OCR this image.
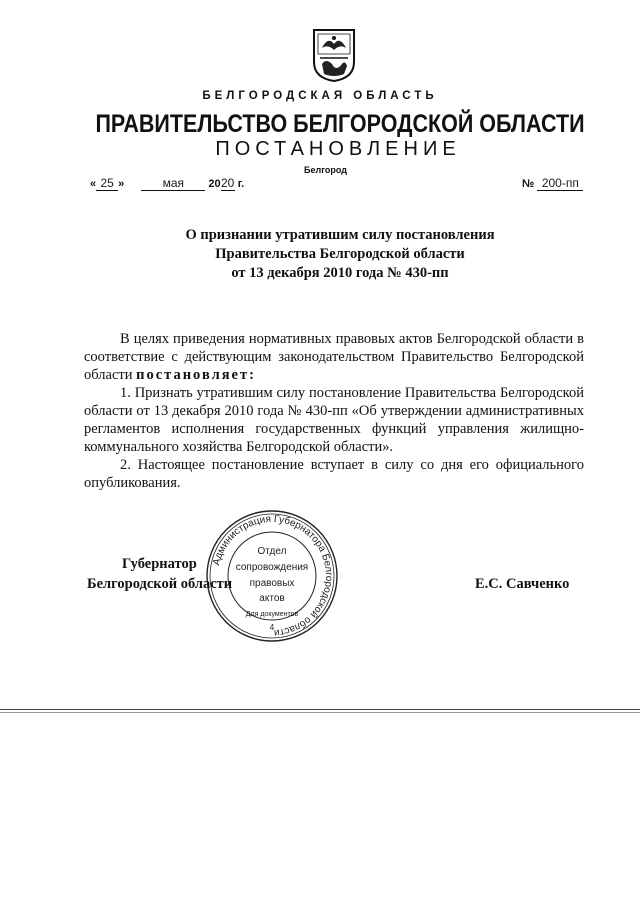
БЕЛГОРОДСКАЯ ОБЛАСТЬ
ПРАВИТЕЛЬСТВО БЕЛГОРОДСКОЙ ОБЛАСТИ
ПОСТАНОВЛЕНИЕ
Белгород
« 25 »	мая 2020 г.	№ 200-пп
О признании утратившим силу постановления
Правительства Белгородской области
от 13 декабря 2010 года № 430-пп

В целях приведения нормативных правовых актов Белгородской области в соответствие с действующим законодательством Правительство Белгородской области постановляет:

1. Признать утратившим силу постановление Правительства Белгородской области от 13 декабря 2010 года № 430-пп «Об утверждении административных регламентов исполнения государственных функций управления жилищно-коммунального хозяйства Белгородской области».

2. Настоящее постановление вступает в силу со дня его официального опубликования.

Губернатор
Белгородской области	Е.С. Савченко
Администрация Губернатора Белгородской области
Отдел
сопровождения
правовых
актов
Для документов
4
